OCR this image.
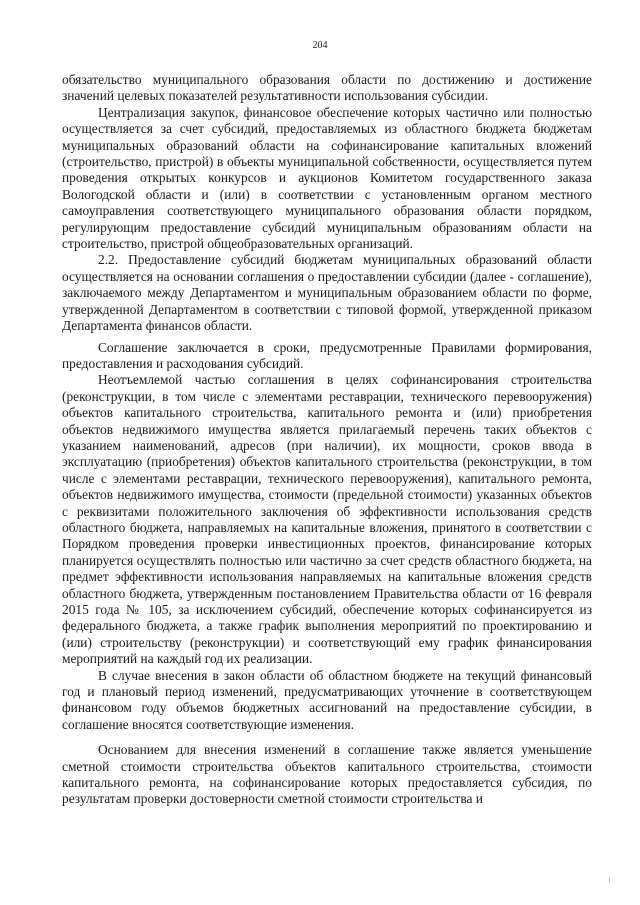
204

обязательство муниципального образования области по достижению и достижение значений целевых показателей результативности использования субсидии.

Централизация закупок, финансовое обеспечение которых частично или полностью осуществляется за счет субсидий, предоставляемых из областного бюджета бюджетам муниципальных образований области на софинансирование капитальных вложений (строительство, пристрой) в объекты муниципальной собственности, осуществляется путем проведения открытых конкурсов и аукционов Комитетом государственного заказа Вологодской области и (или) в соответствии с установленным органом местного самоуправления соответствующего муниципального образования области порядком, регулирующим предоставление субсидий муниципальным образованиям области на строительство, пристрой общеобразовательных организаций.

2.2. Предоставление субсидий бюджетам муниципальных образований области осуществляется на основании соглашения о предоставлении субсидии (далее - соглашение), заключаемого между Департаментом и муниципальным образованием области по форме, утвержденной Департаментом в соответствии с типовой формой, утвержденной приказом Департамента финансов области.

Соглашение заключается в сроки, предусмотренные Правилами формирования, предоставления и расходования субсидий.

Неотъемлемой частью соглашения в целях софинансирования строительства (реконструкции, в том числе с элементами реставрации, технического перевооружения) объектов капитального строительства, капитального ремонта и (или) приобретения объектов недвижимого имущества является прилагаемый перечень таких объектов с указанием наименований, адресов (при наличии), их мощности, сроков ввода в эксплуатацию (приобретения) объектов капитального строительства (реконструкции, в том числе с элементами реставрации, технического перевооружения), капитального ремонта, объектов недвижимого имущества, стоимости (предельной стоимости) указанных объектов с реквизитами положительного заключения об эффективности использования средств областного бюджета, направляемых на капитальные вложения, принятого в соответствии с Порядком проведения проверки инвестиционных проектов, финансирование которых планируется осуществлять полностью или частично за счет средств областного бюджета, на предмет эффективности использования направляемых на капитальные вложения средств областного бюджета, утвержденным постановлением Правительства области от 16 февраля 2015 года № 105, за исключением субсидий, обеспечение которых софинансируется из федерального бюджета, а также график выполнения мероприятий по проектированию и (или) строительству (реконструкции) и соответствующий ему график финансирования мероприятий на каждый год их реализации.

В случае внесения в закон области об областном бюджете на текущий финансовый год и плановый период изменений, предусматривающих уточнение в соответствующем финансовом году объемов бюджетных ассигнований на предоставление субсидии, в соглашение вносятся соответствующие изменения.

Основанием для внесения изменений в соглашение также является уменьшение сметной стоимости строительства объектов капитального строительства, стоимости капитального ремонта, на софинансирование которых предоставляется субсидия, по результатам проверки достоверности сметной стоимости строительства и
